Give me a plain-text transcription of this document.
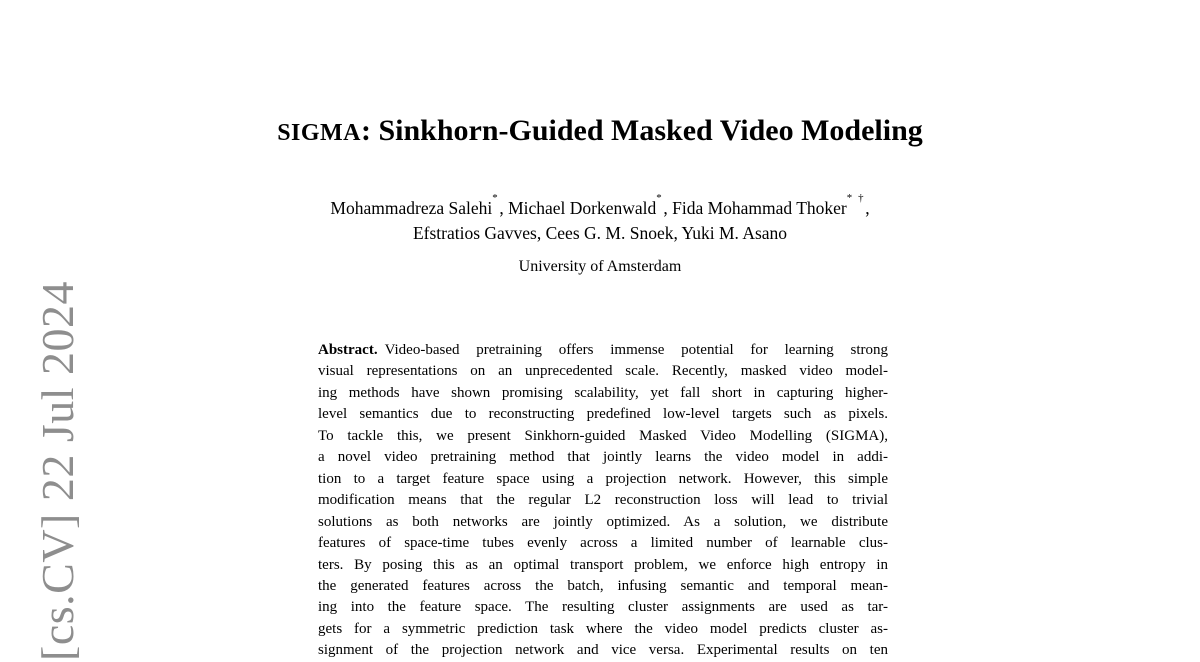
[cs.CV] 22 Jul 2024
SIGMA: Sinkhorn-Guided Masked Video Modeling
Mohammadreza Salehi*, Michael Dorkenwald*, Fida Mohammad Thoker* †,
Efstratios Gavves, Cees G. M. Snoek, Yuki M. Asano
University of Amsterdam
Abstract. Video-based pretraining offers immense potential for learning strong
visual representations on an unprecedented scale. Recently, masked video model-
ing methods have shown promising scalability, yet fall short in capturing higher-
level semantics due to reconstructing predefined low-level targets such as pixels.
To tackle this, we present Sinkhorn-guided Masked Video Modelling (SIGMA),
a novel video pretraining method that jointly learns the video model in addi-
tion to a target feature space using a projection network. However, this simple
modification means that the regular L2 reconstruction loss will lead to trivial
solutions as both networks are jointly optimized. As a solution, we distribute
features of space-time tubes evenly across a limited number of learnable clus-
ters. By posing this as an optimal transport problem, we enforce high entropy in
the generated features across the batch, infusing semantic and temporal mean-
ing into the feature space. The resulting cluster assignments are used as tar-
gets for a symmetric prediction task where the video model predicts cluster as-
signment of the projection network and vice versa. Experimental results on ten
